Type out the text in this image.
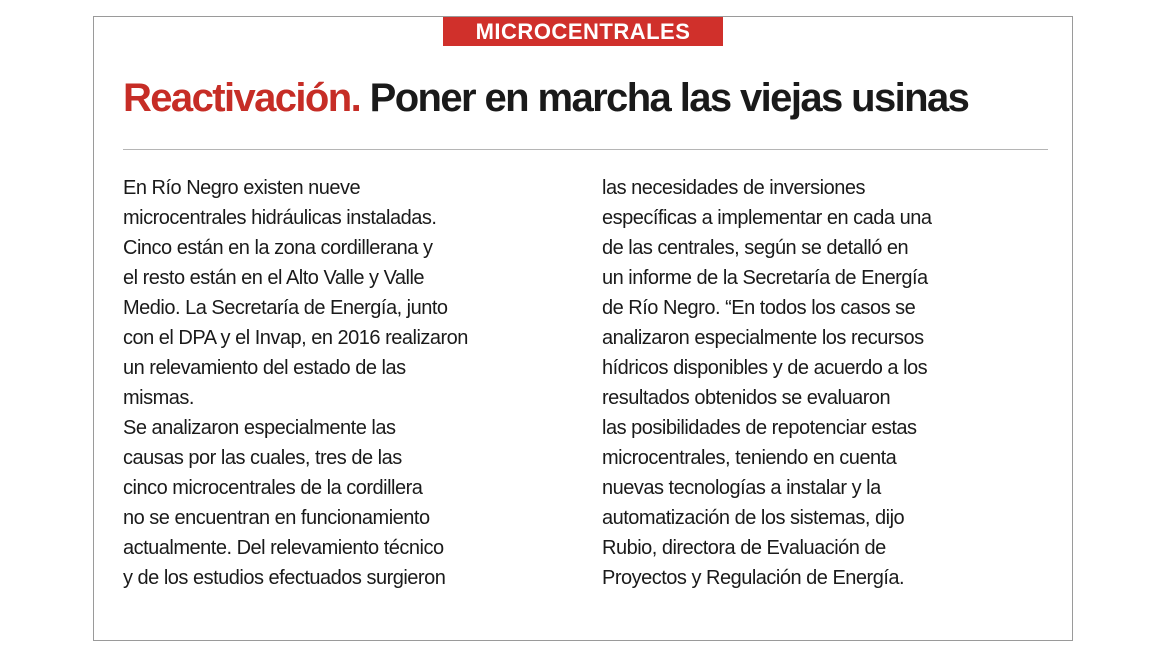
MICROCENTRALES
Reactivación. Poner en marcha las viejas usinas
En Río Negro existen nueve
microcentrales hidráulicas instaladas.
Cinco están en la zona cordillerana y
el resto están en el Alto Valle y Valle
Medio. La Secretaría de Energía, junto
con el DPA y el Invap, en 2016 realizaron
un relevamiento del estado de las
mismas.
Se analizaron especialmente las
causas por las cuales, tres de las
cinco microcentrales de la cordillera
no se encuentran en funcionamiento
actualmente. Del relevamiento técnico
y de los estudios efectuados surgieron
las necesidades de inversiones
específicas a implementar en cada una
de las centrales, según se detalló en
un informe de la Secretaría de Energía
de Río Negro. “En todos los casos se
analizaron especialmente los recursos
hídricos disponibles y de acuerdo a los
resultados obtenidos se evaluaron
las posibilidades de repotenciar estas
microcentrales, teniendo en cuenta
nuevas tecnologías a instalar y la
automatización de los sistemas, dijo
Rubio, directora de Evaluación de
Proyectos y Regulación de Energía.
